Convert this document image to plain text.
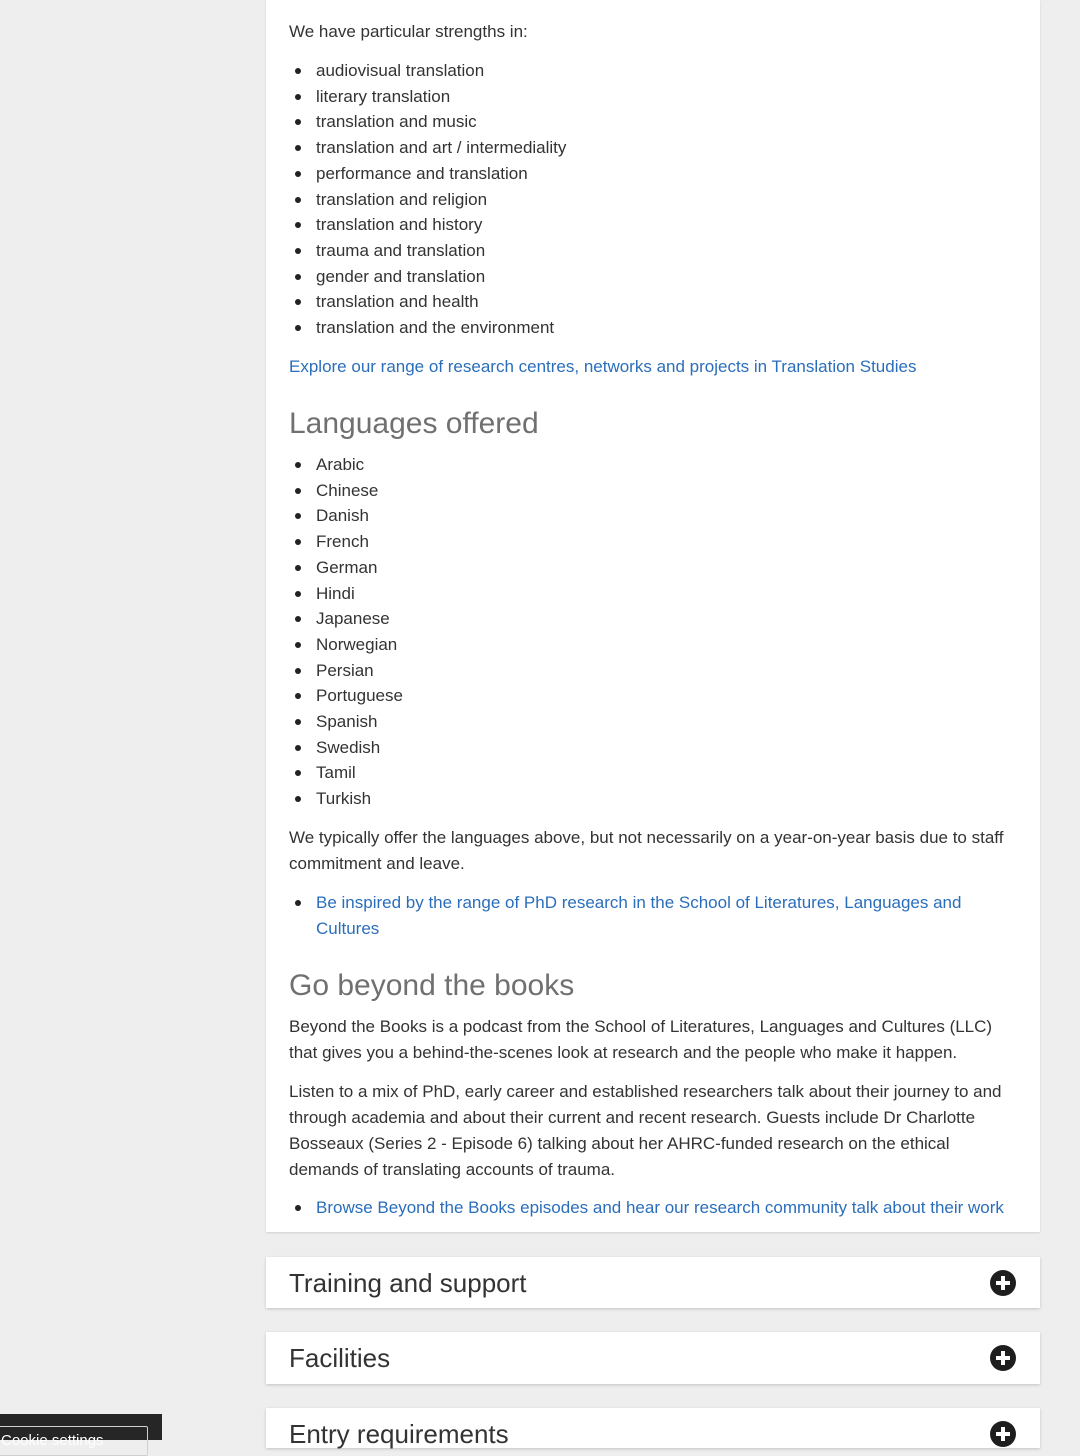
We have particular strengths in:

audiovisual translation
literary translation
translation and music
translation and art / intermediality
performance and translation
translation and religion
translation and history
trauma and translation
gender and translation
translation and health
translation and the environment
Explore our range of research centres, networks and projects in Translation Studies
Languages offered
Arabic
Chinese
Danish
French
German
Hindi
Japanese
Norwegian
Persian
Portuguese
Spanish
Swedish
Tamil
Turkish

We typically offer the languages above, but not necessarily on a year-on-year basis due to staff commitment and leave.

Be inspired by the range of PhD research in the School of Literatures, Languages and Cultures
Go beyond the books

Beyond the Books is a podcast from the School of Literatures, Languages and Cultures (LLC) that gives you a behind-the-scenes look at research and the people who make it happen.

Listen to a mix of PhD, early career and established researchers talk about their journey to and through academia and about their current and recent research. Guests include Dr Charlotte Bosseaux (Series 2 - Episode 6) talking about her AHRC-funded research on the ethical demands of translating accounts of trauma.

Browse Beyond the Books episodes and hear our research community talk about their work
Training and support
Facilities
Entry requirements
Cookie settings
